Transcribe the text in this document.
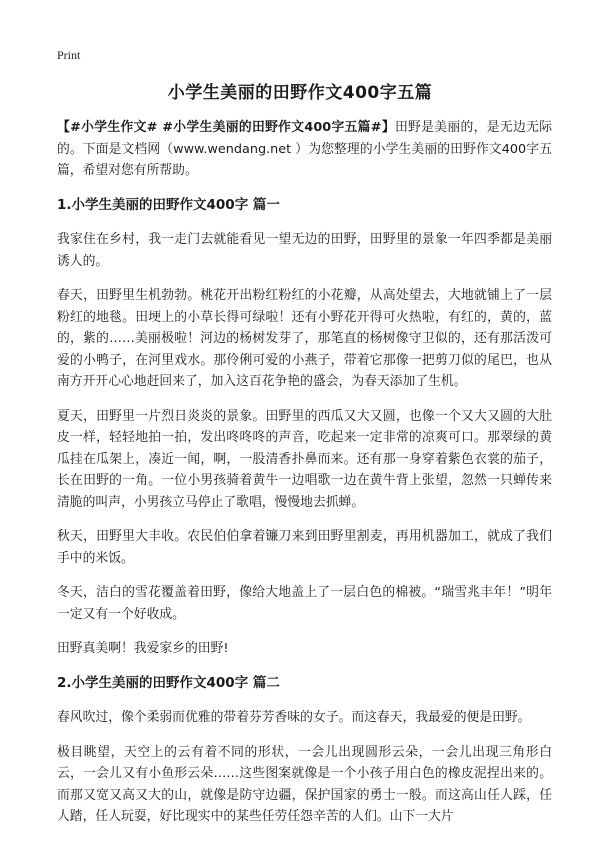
Print
小学生美丽的田野作文400字五篇

【#小学生作文# #小学生美丽的田野作文400字五篇#】田野是美丽的，是无边无际的。下面是文档网（www.wendang.net ）为您整理的小学生美丽的田野作文400字五篇，希望对您有所帮助。

1.小学生美丽的田野作文400字 篇一

我家住在乡村，我一走门去就能看见一望无边的田野，田野里的景象一年四季都是美丽诱人的。

春天，田野里生机勃勃。桃花开出粉红粉红的小花瓣，从高处望去，大地就铺上了一层粉红的地毯。田埂上的小草长得可绿啦！还有小野花开得可火热啦，有红的，黄的，蓝的，紫的……美丽极啦！河边的杨树发芽了，那笔直的杨树像守卫似的，还有那活泼可爱的小鸭子，在河里戏水。那伶俐可爱的小燕子，带着它那像一把剪刀似的尾巴，也从南方开开心心地赶回来了，加入这百花争艳的盛会，为春天添加了生机。

夏天，田野里一片烈日炎炎的景象。田野里的西瓜又大又圆，也像一个又大又圆的大肚皮一样，轻轻地拍一拍，发出咚咚咚的声音，吃起来一定非常的凉爽可口。那翠绿的黄瓜挂在瓜架上，凑近一闻，啊，一股清香扑鼻而来。还有那一身穿着紫色衣裳的茄子，长在田野的一角。一位小男孩骑着黄牛一边唱歌一边在黄牛背上张望，忽然一只蝉传来清脆的叫声，小男孩立马停止了歌唱，慢慢地去抓蝉。

秋天，田野里大丰收。农民伯伯拿着镰刀来到田野里割麦，再用机器加工，就成了我们手中的米饭。

冬天，洁白的雪花覆盖着田野，像给大地盖上了一层白色的棉被。“瑞雪兆丰年！”明年一定又有一个好收成。

田野真美啊！我爱家乡的田野!

2.小学生美丽的田野作文400字 篇二

春风吹过，像个柔弱而优雅的带着芬芳香味的女子。而这春天，我最爱的便是田野。

极目眺望，天空上的云有着不同的形状，一会儿出现圆形云朵，一会儿出现三角形白云，一会儿又有小鱼形云朵……这些图案就像是一个小孩子用白色的橡皮泥捏出来的。而那又宽又高又大的山，就像是防守边疆，保护国家的勇士一般。而这高山任人踩，任人踏，任人玩耍，好比现实中的某些任劳任怨辛苦的人们。山下一大片
